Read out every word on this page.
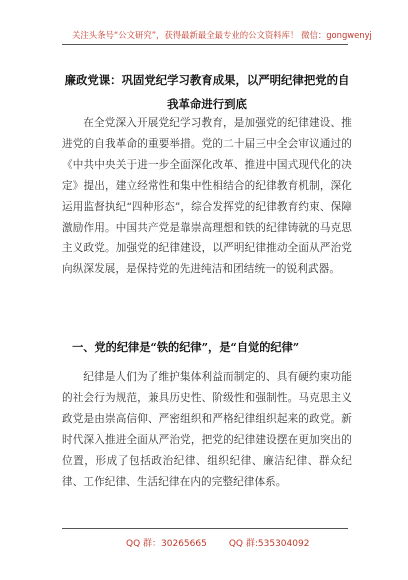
关注头条号“公文研究”，获得最新最全最专业的公文资料库！ 微信：gongwenyj
廉政党课：巩固党纪学习教育成果，以严明纪律把党的自我革命进行到底
在全党深入开展党纪学习教育，是加强党的纪律建设、推进党的自我革命的重要举措。党的二十届三中全会审议通过的《中共中央关于进一步全面深化改革、推进中国式现代化的决定》提出，建立经常性和集中性相结合的纪律教育机制，深化运用监督执纪“四种形态”，综合发挥党的纪律教育约束、保障激励作用。中国共产党是靠崇高理想和铁的纪律铸就的马克思主义政党。加强党的纪律建设，以严明纪律推动全面从严治党向纵深发展，是保持党的先进纯洁和团结统一的锐利武器。
一、党的纪律是“铁的纪律”，是“自觉的纪律”
纪律是人们为了维护集体利益而制定的、具有硬约束功能的社会行为规范，兼具历史性、阶级性和强制性。马克思主义政党是由崇高信仰、严密组织和严格纪律组织起来的政党。新时代深入推进全面从严治党，把党的纪律建设摆在更加突出的位置，形成了包括政治纪律、组织纪律、廉洁纪律、群众纪律、工作纪律、生活纪律在内的完整纪律体系。
QQ 群：30265665 QQ 群:535304092
